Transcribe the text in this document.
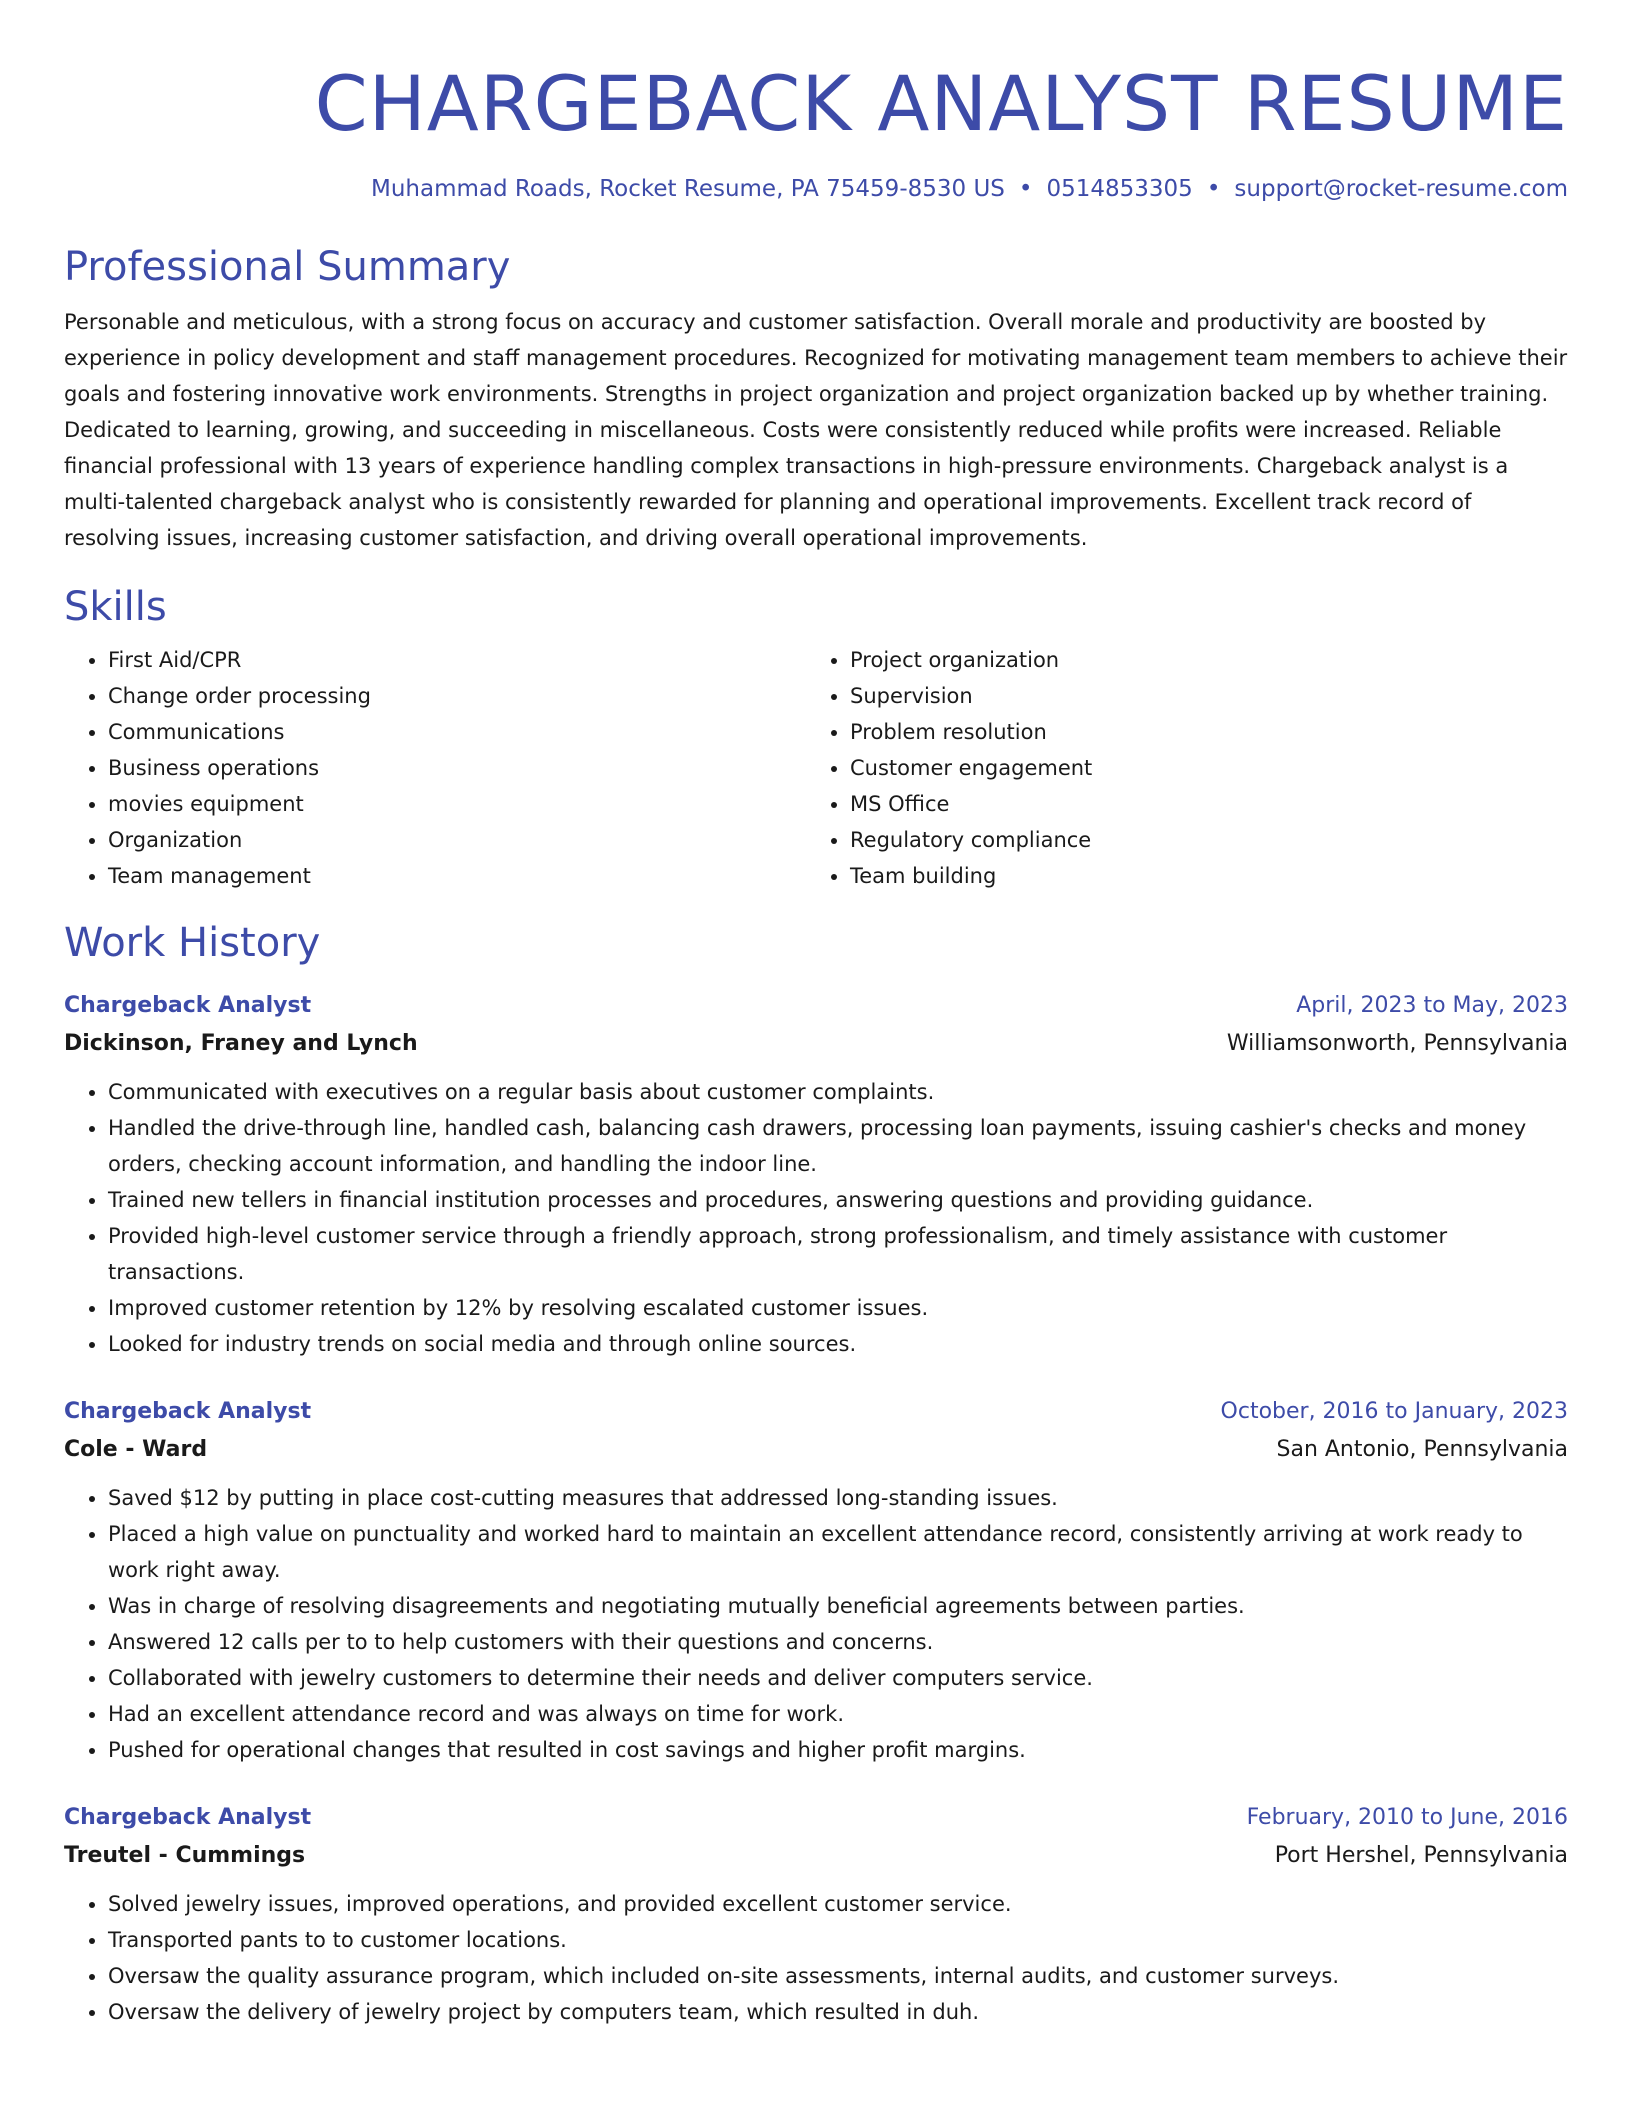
CHARGEBACK ANALYST RESUME
Muhammad Roads, Rocket Resume, PA 75459-8530 US • 0514853305 • support@rocket-resume.com
Professional Summary

Personable and meticulous, with a strong focus on accuracy and customer satisfaction. Overall morale and productivity are boosted by experience in policy development and staff management procedures. Recognized for motivating management team members to achieve their goals and fostering innovative work environments. Strengths in project organization and project organization backed up by whether training. Dedicated to learning, growing, and succeeding in miscellaneous. Costs were consistently reduced while profits were increased. Reliable financial professional with 13 years of experience handling complex transactions in high-pressure environments. Chargeback analyst is a multi-talented chargeback analyst who is consistently rewarded for planning and operational improvements. Excellent track record of resolving issues, increasing customer satisfaction, and driving overall operational improvements.

Skills
• First Aid/CPR
• Change order processing
• Communications
• Business operations
• movies equipment
• Organization
• Team management
• Project organization
• Supervision
• Problem resolution
• Customer engagement
• MS Office
• Regulatory compliance
• Team building
Work History
Chargeback Analyst	April, 2023 to May, 2023
Dickinson, Franey and Lynch	Williamsonworth, Pennsylvania
• Communicated with executives on a regular basis about customer complaints.
• Handled the drive-through line, handled cash, balancing cash drawers, processing loan payments, issuing cashier's checks and money orders, checking account information, and handling the indoor line.
• Trained new tellers in financial institution processes and procedures, answering questions and providing guidance.
• Provided high-level customer service through a friendly approach, strong professionalism, and timely assistance with customer transactions.
• Improved customer retention by 12% by resolving escalated customer issues.
• Looked for industry trends on social media and through online sources.
Chargeback Analyst	October, 2016 to January, 2023
Cole - Ward	San Antonio, Pennsylvania
• Saved $12 by putting in place cost-cutting measures that addressed long-standing issues.
• Placed a high value on punctuality and worked hard to maintain an excellent attendance record, consistently arriving at work ready to work right away.
• Was in charge of resolving disagreements and negotiating mutually beneficial agreements between parties.
• Answered 12 calls per to to help customers with their questions and concerns.
• Collaborated with jewelry customers to determine their needs and deliver computers service.
• Had an excellent attendance record and was always on time for work.
• Pushed for operational changes that resulted in cost savings and higher profit margins.
Chargeback Analyst	February, 2010 to June, 2016
Treutel - Cummings	Port Hershel, Pennsylvania
• Solved jewelry issues, improved operations, and provided excellent customer service.
• Transported pants to to customer locations.
• Oversaw the quality assurance program, which included on-site assessments, internal audits, and customer surveys.
• Oversaw the delivery of jewelry project by computers team, which resulted in duh.
